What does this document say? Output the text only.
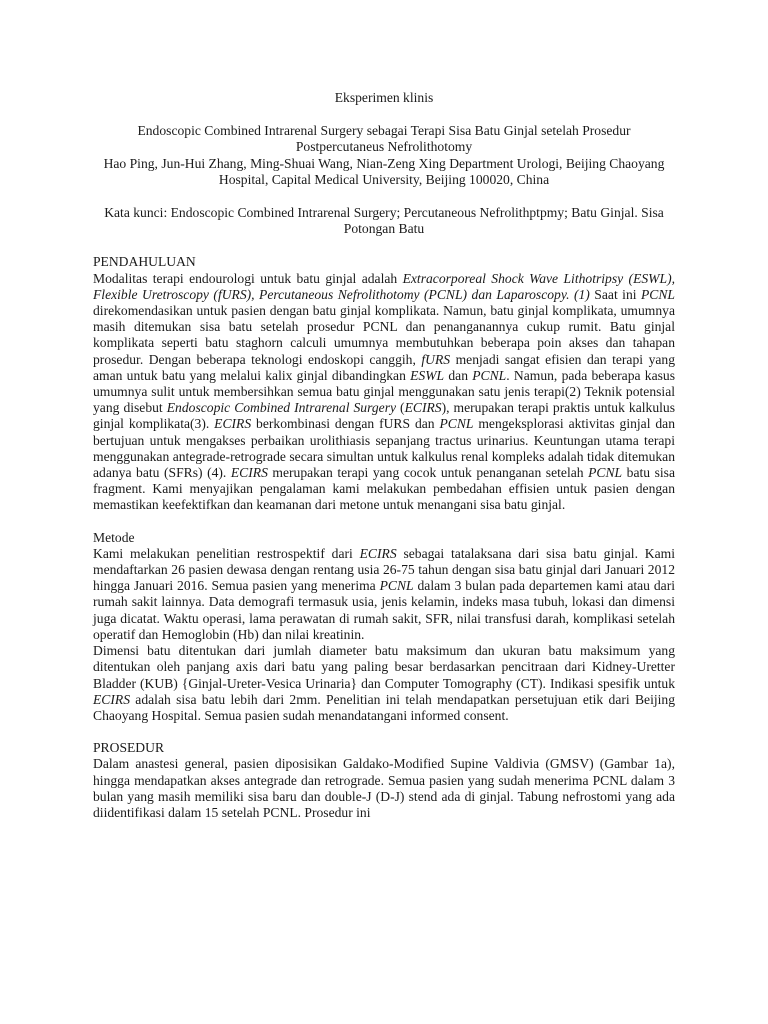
Eksperimen klinis

Endoscopic Combined Intrarenal Surgery sebagai Terapi Sisa Batu Ginjal setelah Prosedur
Postpercutaneus Nefrolithotomy

Hao Ping, Jun-Hui Zhang, Ming-Shuai Wang, Nian-Zeng Xing Department Urologi, Beijing Chaoyang Hospital, Capital Medical University, Beijing 100020, China

Kata kunci: Endoscopic Combined Intrarenal Surgery; Percutaneous Nefrolithptpmy; Batu Ginjal. Sisa Potongan Batu

PENDAHULUAN

Modalitas terapi endourologi untuk batu ginjal adalah Extracorporeal Shock Wave Lithotripsy (ESWL), Flexible Uretroscopy (fURS), Percutaneous Nefrolithotomy (PCNL) dan Laparoscopy. (1) Saat ini PCNL direkomendasikan untuk pasien dengan batu ginjal komplikata. Namun, batu ginjal komplikata, umumnya masih ditemukan sisa batu setelah prosedur PCNL dan penanganannya cukup rumit. Batu ginjal komplikata seperti batu staghorn calculi umumnya membutuhkan beberapa poin akses dan tahapan prosedur. Dengan beberapa teknologi endoskopi canggih, fURS menjadi sangat efisien dan terapi yang aman untuk batu yang melalui kalix ginjal dibandingkan ESWL dan PCNL. Namun, pada beberapa kasus umumnya sulit untuk membersihkan semua batu ginjal menggunakan satu jenis terapi(2) Teknik potensial yang disebut Endoscopic Combined Intrarenal Surgery (ECIRS), merupakan terapi praktis untuk kalkulus ginjal komplikata(3). ECIRS berkombinasi dengan fURS dan PCNL mengeksplorasi aktivitas ginjal dan bertujuan untuk mengakses perbaikan urolithiasis sepanjang tractus urinarius. Keuntungan utama terapi menggunakan antegrade-retrograde secara simultan untuk kalkulus renal kompleks adalah tidak ditemukan adanya batu (SFRs) (4). ECIRS merupakan terapi yang cocok untuk penanganan setelah PCNL batu sisa fragment. Kami menyajikan pengalaman kami melakukan pembedahan effisien untuk pasien dengan memastikan keefektifkan dan keamanan dari metone untuk menangani sisa batu ginjal.

Metode

Kami melakukan penelitian restrospektif dari ECIRS sebagai tatalaksana dari sisa batu ginjal. Kami mendaftarkan 26 pasien dewasa dengan rentang usia 26-75 tahun dengan sisa batu ginjal dari Januari 2012 hingga Januari 2016. Semua pasien yang menerima PCNL dalam 3 bulan pada departemen kami atau dari rumah sakit lainnya. Data demografi termasuk usia, jenis kelamin, indeks masa tubuh, lokasi dan dimensi juga dicatat. Waktu operasi, lama perawatan di rumah sakit, SFR, nilai transfusi darah, komplikasi setelah operatif dan Hemoglobin (Hb) dan nilai kreatinin.

Dimensi batu ditentukan dari jumlah diameter batu maksimum dan ukuran batu maksimum yang ditentukan oleh panjang axis dari batu yang paling besar berdasarkan pencitraan dari Kidney-Uretter Bladder (KUB) {Ginjal-Ureter-Vesica Urinaria} dan Computer Tomography (CT). Indikasi spesifik untuk ECIRS adalah sisa batu lebih dari 2mm. Penelitian ini telah mendapatkan persetujuan etik dari Beijing Chaoyang Hospital. Semua pasien sudah menandatangani informed consent.

PROSEDUR

Dalam anastesi general, pasien diposisikan Galdako-Modified Supine Valdivia (GMSV) (Gambar 1a), hingga mendapatkan akses antegrade dan retrograde. Semua pasien yang sudah menerima PCNL dalam 3 bulan yang masih memiliki sisa baru dan double-J (D-J) stend ada di ginjal. Tabung nefrostomi yang ada diidentifikasi dalam 15 setelah PCNL. Prosedur ini
